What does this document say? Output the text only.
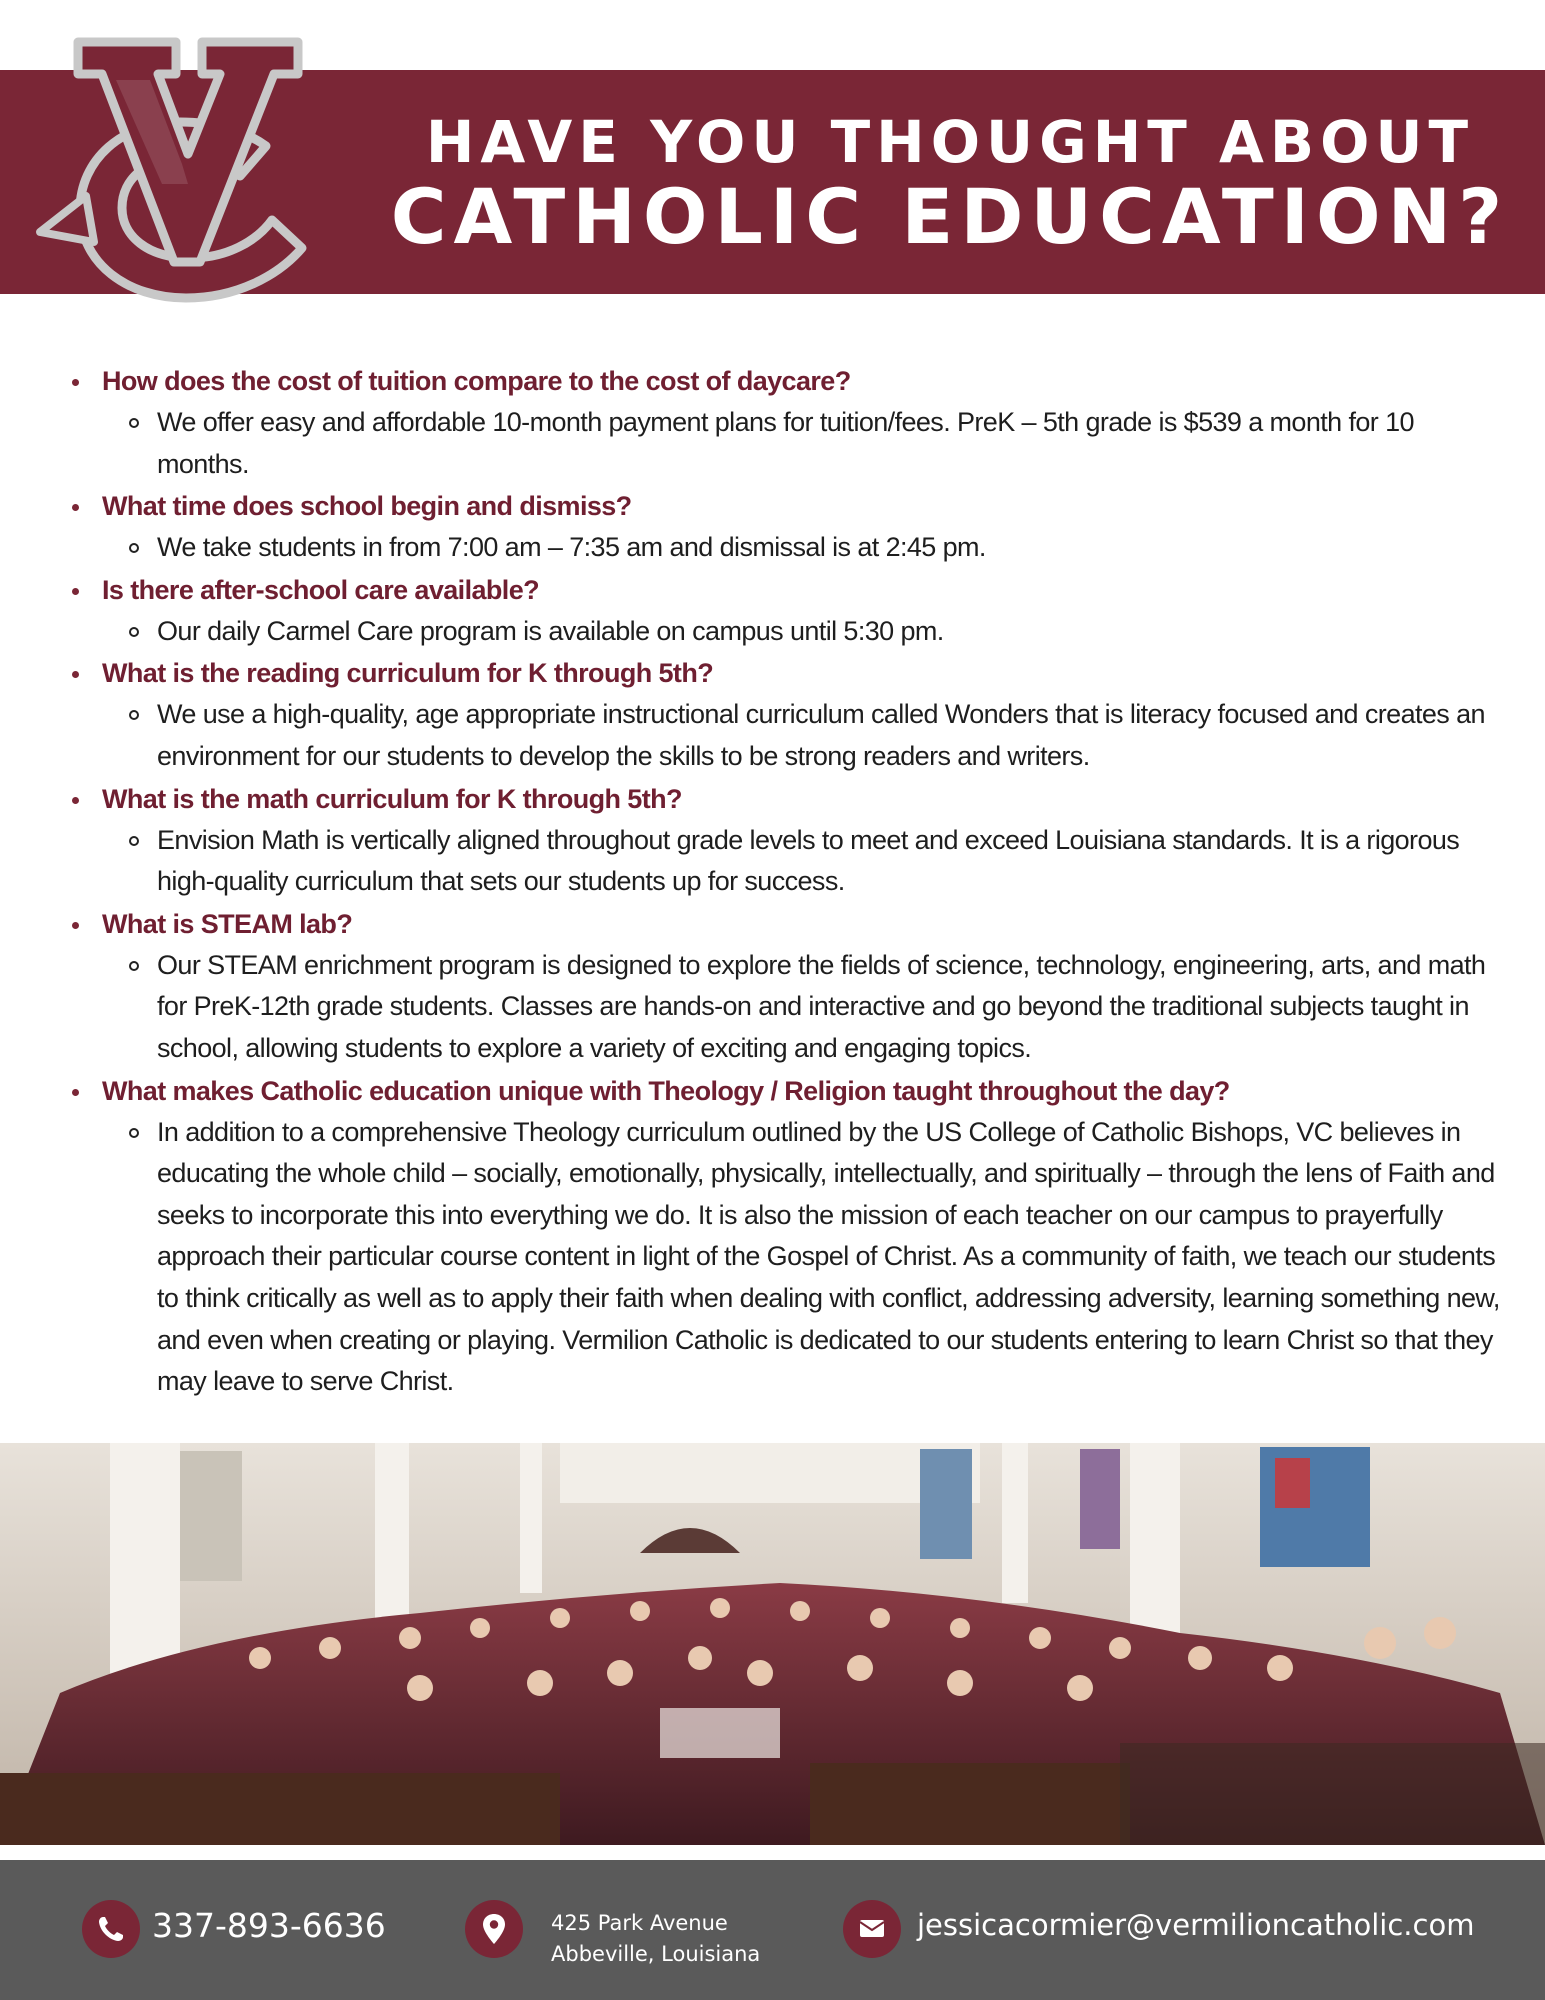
HAVE YOU THOUGHT ABOUT
CATHOLIC EDUCATION?
How does the cost of tuition compare to the cost of daycare?
We offer easy and affordable 10-month payment plans for tuition/fees. PreK – 5th grade is $539 a month for 10 months.
What time does school begin and dismiss?
We take students in from 7:00 am – 7:35 am and dismissal is at 2:45 pm.
Is there after-school care available?
Our daily Carmel Care program is available on campus until 5:30 pm.
What is the reading curriculum for K through 5th?
We use a high-quality, age appropriate instructional curriculum called Wonders that is literacy focused and creates an environment for our students to develop the skills to be strong readers and writers.
What is the math curriculum for K through 5th?
Envision Math is vertically aligned throughout grade levels to meet and exceed Louisiana standards. It is a rigorous high-quality curriculum that sets our students up for success.
What is STEAM lab?
Our STEAM enrichment program is designed to explore the fields of science, technology, engineering, arts, and math for PreK-12th grade students. Classes are hands-on and interactive and go beyond the traditional subjects taught in school, allowing students to explore a variety of exciting and engaging topics.
What makes Catholic education unique with Theology / Religion taught throughout the day?
In addition to a comprehensive Theology curriculum outlined by the US College of Catholic Bishops, VC believes in educating the whole child – socially, emotionally, physically, intellectually, and spiritually – through the lens of Faith and seeks to incorporate this into everything we do. It is also the mission of each teacher on our campus to prayerfully approach their particular course content in light of the Gospel of Christ. As a community of faith, we teach our students to think critically as well as to apply their faith when dealing with conflict, addressing adversity, learning something new, and even when creating or playing. Vermilion Catholic is dedicated to our students entering to learn Christ so that they may leave to serve Christ.
337-893-6636	425 Park Avenue
Abbeville, Louisiana
jessicacormier@vermilioncatholic.com
